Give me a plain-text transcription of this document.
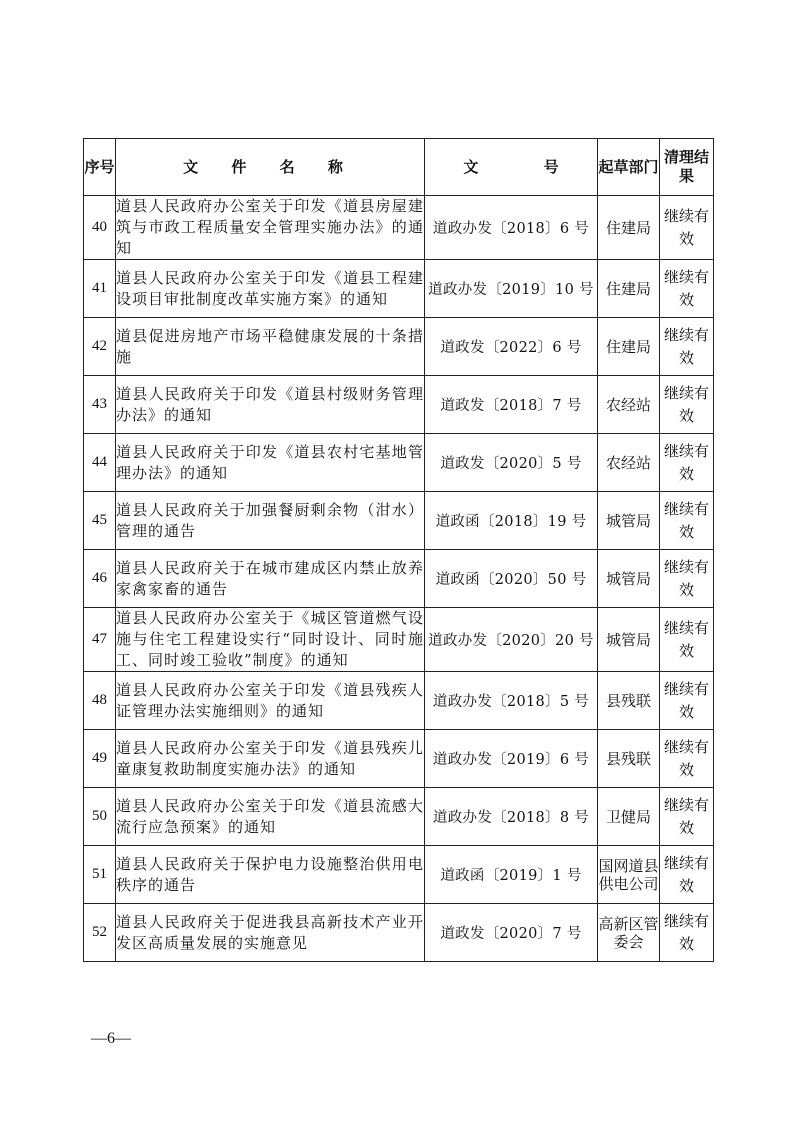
序号	文 件 名 称	文 号	起草部门	清理结果
40	道县人民政府办公室关于印发《道县房屋建筑与市政工程质量安全管理实施办法》的通知	道政办发〔2018〕6 号	住建局	继续有效
41	道县人民政府办公室关于印发《道县工程建设项目审批制度改革实施方案》的通知	道政办发〔2019〕10 号	住建局	继续有效
42	道县促进房地产市场平稳健康发展的十条措施	道政发〔2022〕6 号	住建局	继续有效
43	道县人民政府关于印发《道县村级财务管理办法》的通知	道政发〔2018〕7 号	农经站	继续有效
44	道县人民政府关于印发《道县农村宅基地管理办法》的通知	道政发〔2020〕5 号	农经站	继续有效
45	道县人民政府关于加强餐厨剩余物（泔水）管理的通告	道政函〔2018〕19 号	城管局	继续有效
46	道县人民政府关于在城市建成区内禁止放养家禽家畜的通告	道政函〔2020〕50 号	城管局	继续有效
47	道县人民政府办公室关于《城区管道燃气设施与住宅工程建设实行“同时设计、同时施工、同时竣工验收”制度》的通知	道政办发〔2020〕20 号	城管局	继续有效
48	道县人民政府办公室关于印发《道县残疾人证管理办法实施细则》的通知	道政办发〔2018〕5 号	县残联	继续有效
49	道县人民政府办公室关于印发《道县残疾儿童康复救助制度实施办法》的通知	道政办发〔2019〕6 号	县残联	继续有效
50	道县人民政府办公室关于印发《道县流感大流行应急预案》的通知	道政办发〔2018〕8 号	卫健局	继续有效
51	道县人民政府关于保护电力设施整治供用电秩序的通告	道政函〔2019〕1 号	国网道县供电公司	继续有效
52	道县人民政府关于促进我县高新技术产业开发区高质量发展的实施意见	道政发〔2020〕7 号	高新区管委会	继续有效
—6—
